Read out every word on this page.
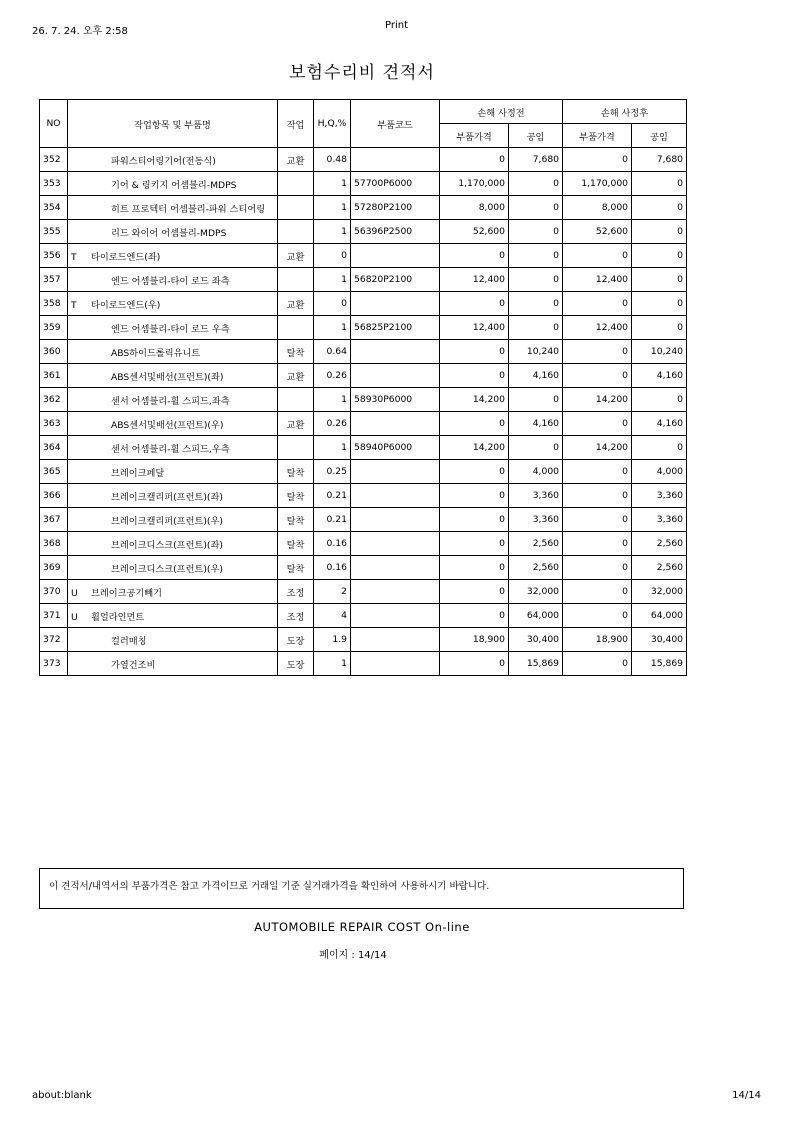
26. 7. 24. 오후 2:58
Print
보험수리비 견적서
NO	작업항목 및 부품명	작업	H,Q,%	부품코드	손해 사정전		손해 사정후	
					부품가격	공임	부품가격	공임
352	파워스티어링기어(전동식)	교환	0.48		0	7,680	0	7,680
353	기어 & 링키지 어셈블리-MDPS		1	57700P6000	1,170,000	0	1,170,000	0
354	히트 프로텍터 어셈블리-파워 스티어링		1	57280P2100	8,000	0	8,000	0
355	리드 와이어 어셈블리-MDPS		1	56396P2500	52,600	0	52,600	0
356	T 타이로드엔드(좌)	교환	0		0	0	0	0
357	엔드 어셈블리-타이 로드 좌측		1	56820P2100	12,400	0	12,400	0
358	T 타이로드엔드(우)	교환	0		0	0	0	0
359	엔드 어셈블리-타이 로드 우측		1	56825P2100	12,400	0	12,400	0
360	ABS하이드롤릭유니트	탈착	0.64		0	10,240	0	10,240
361	ABS센서및배선(프런트)(좌)	교환	0.26		0	4,160	0	4,160
362	센서 어셈블리-휠 스피드,좌측		1	58930P6000	14,200	0	14,200	0
363	ABS센서및배선(프런트)(우)	교환	0.26		0	4,160	0	4,160
364	센서 어셈블리-휠 스피드,우측		1	58940P6000	14,200	0	14,200	0
365	브레이크페달	탈착	0.25		0	4,000	0	4,000
366	브레이크캘리퍼(프런트)(좌)	탈착	0.21		0	3,360	0	3,360
367	브레이크캘리퍼(프런트)(우)	탈착	0.21		0	3,360	0	3,360
368	브레이크디스크(프런트)(좌)	탈착	0.16		0	2,560	0	2,560
369	브레이크디스크(프런트)(우)	탈착	0.16		0	2,560	0	2,560
370	U 브레이크공기빼기	조정	2		0	32,000	0	32,000
371	U 휠얼라인먼트	조정	4		0	64,000	0	64,000
372	컬러매칭	도장	1.9		18,900	30,400	18,900	30,400
373	가열건조비	도장	1		0	15,869	0	15,869
이 견적서/내역서의 부품가격은 참고 가격이므로 거래일 기준 실거래가격을 확인하여 사용하시기 바랍니다.
AUTOMOBILE REPAIR COST On-line
페이지 : 14/14
about:blank	14/14
